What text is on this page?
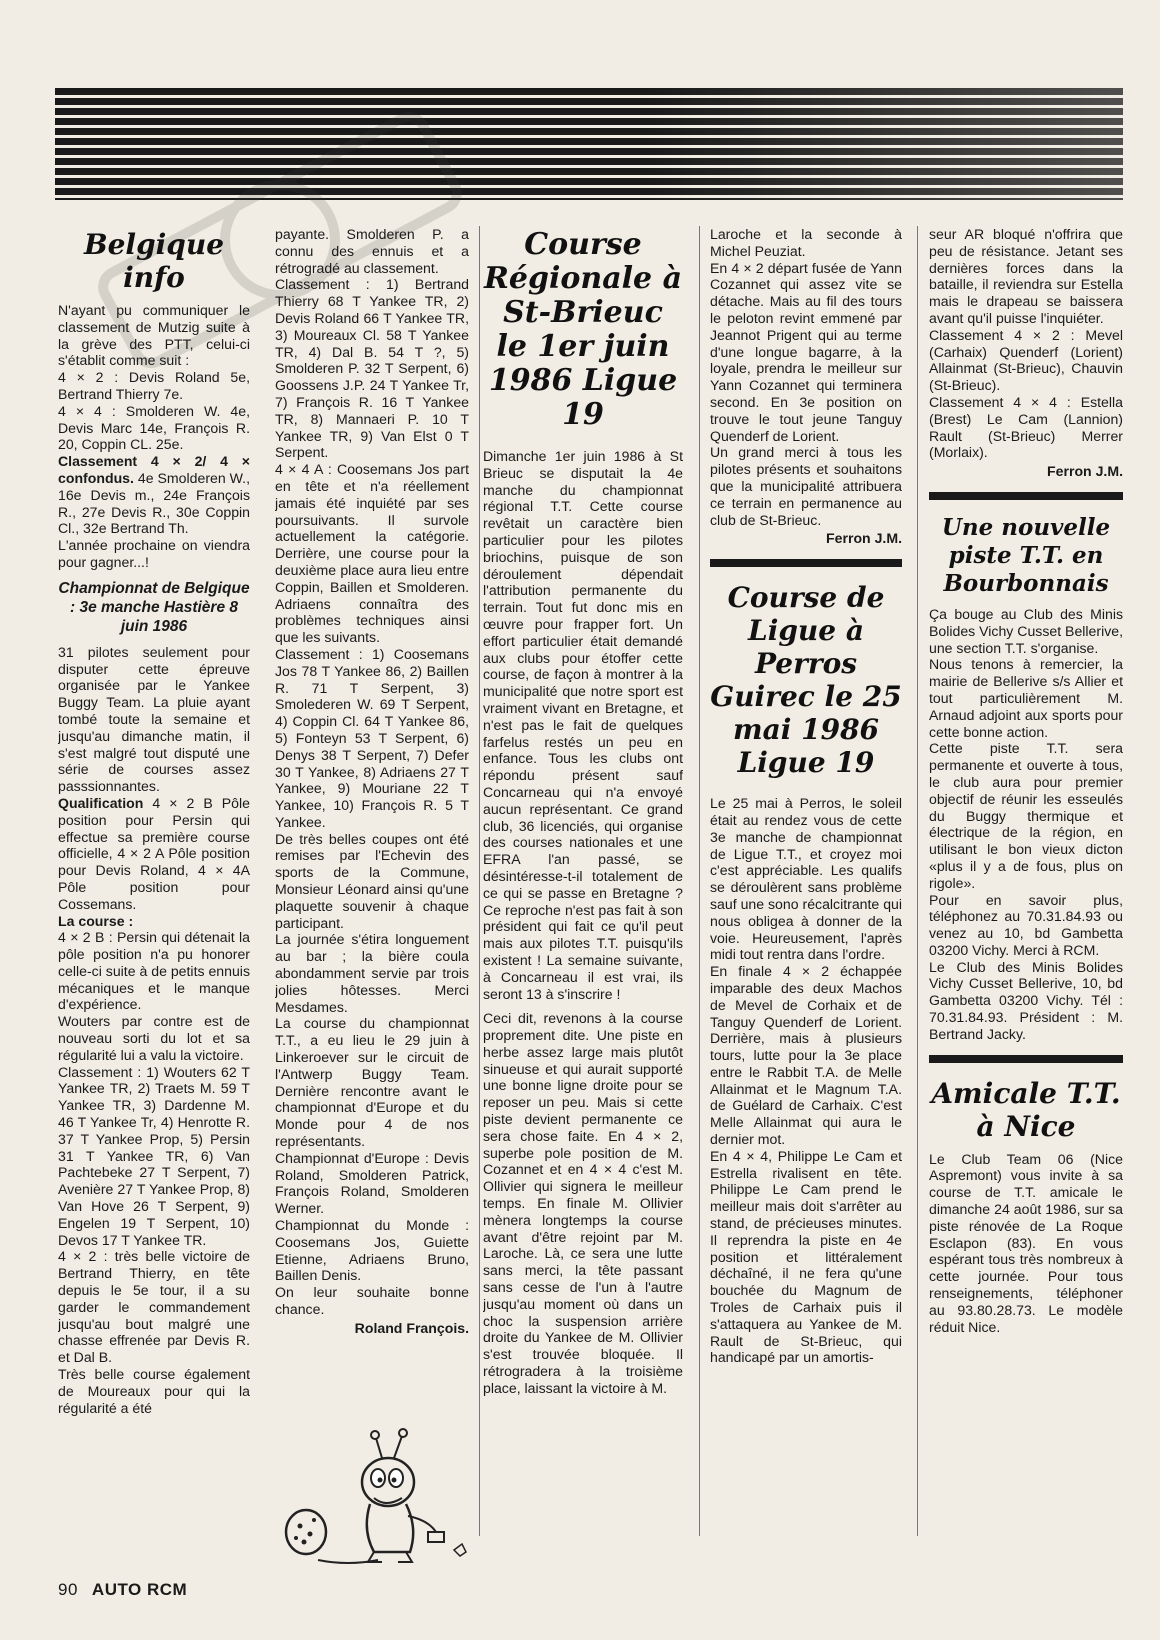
Belgique info

N'ayant pu communiquer le classement de Mutzig suite à la grève des PTT, celui-ci s'établit comme suit :

4 × 2 : Devis Roland 5e, Bertrand Thierry 7e.

4 × 4 : Smolderen W. 4e, Devis Marc 14e, François R. 20, Coppin CL. 25e.

Classement 4 × 2/ 4 × confondus. 4e Smolderen W., 16e Devis m., 24e François R., 27e Devis R., 30e Coppin Cl., 32e Bertrand Th.

L'année prochaine on viendra pour gagner...!

Championnat de Belgique : 3e manche Hastière 8 juin 1986

31 pilotes seulement pour disputer cette épreuve organisée par le Yankee Buggy Team. La pluie ayant tombé toute la semaine et jusqu'au dimanche matin, il s'est malgré tout disputé une série de courses assez passsionnantes.

Qualification 4 × 2 B Pôle position pour Persin qui effectue sa première course officielle, 4 × 2 A Pôle position pour Devis Roland, 4 × 4A Pôle position pour Cossemans.

La course :

4 × 2 B : Persin qui détenait la pôle position n'a pu honorer celle-ci suite à de petits ennuis mécaniques et le manque d'expérience.

Wouters par contre est de nouveau sorti du lot et sa régularité lui a valu la victoire.

Classement : 1) Wouters 62 T Yankee TR, 2) Traets M. 59 T Yankee TR, 3) Dardenne M. 46 T Yankee Tr, 4) Henrotte R. 37 T Yankee Prop, 5) Persin 31 T Yankee TR, 6) Van Pachtebeke 27 T Serpent, 7) Avenière 27 T Yankee Prop, 8) Van Hove 26 T Serpent, 9) Engelen 19 T Serpent, 10) Devos 17 T Yankee TR.

4 × 2 : très belle victoire de Bertrand Thierry, en tête depuis le 5e tour, il a su garder le commandement jusqu'au bout malgré une chasse effrenée par Devis R. et Dal B.

Très belle course également de Moureaux pour qui la régularité a été

payante. Smolderen P. a connu des ennuis et a rétrogradé au classement.

Classement : 1) Bertrand Thierry 68 T Yankee TR, 2) Devis Roland 66 T Yankee TR, 3) Moureaux Cl. 58 T Yankee TR, 4) Dal B. 54 T ?, 5) Smolderen P. 32 T Serpent, 6) Goossens J.P. 24 T Yankee Tr, 7) François R. 16 T Yankee TR, 8) Mannaeri P. 10 T Yankee TR, 9) Van Elst 0 T Serpent.

4 × 4 A : Coosemans Jos part en tête et n'a réellement jamais été inquiété par ses poursuivants. Il survole actuellement la catégorie. Derrière, une course pour la deuxième place aura lieu entre Coppin, Baillen et Smolderen. Adriaens connaîtra des problèmes techniques ainsi que les suivants.

Classement : 1) Coosemans Jos 78 T Yankee 86, 2) Baillen R. 71 T Serpent, 3) Smolederen W. 69 T Serpent, 4) Coppin Cl. 64 T Yankee 86, 5) Fonteyn 53 T Serpent, 6) Denys 38 T Serpent, 7) Defer 30 T Yankee, 8) Adriaens 27 T Yankee, 9) Mouriane 22 T Yankee, 10) François R. 5 T Yankee.

De très belles coupes ont été remises par l'Echevin des sports de la Commune, Monsieur Léonard ainsi qu'une plaquette souvenir à chaque participant.

La journée s'étira longuement au bar ; la bière coula abondamment servie par trois jolies hôtesses. Merci Mesdames.

La course du championnat T.T., a eu lieu le 29 juin à Linkeroever sur le circuit de l'Antwerp Buggy Team. Dernière rencontre avant le championnat d'Europe et du Monde pour 4 de nos représentants.

Championnat d'Europe : Devis Roland, Smolderen Patrick, François Roland, Smolderen Werner.

Championnat du Monde : Coosemans Jos, Guiette Etienne, Adriaens Bruno, Baillen Denis.

On leur souhaite bonne chance.

Roland François.
Course Régionale à St-Brieuc le 1er juin 1986 Ligue 19

Dimanche 1er juin 1986 à St Brieuc se disputait la 4e manche du championnat régional T.T. Cette course revêtait un caractère bien particulier pour les pilotes briochins, puisque de son déroulement dépendait l'attribution permanente du terrain. Tout fut donc mis en œuvre pour frapper fort. Un effort particulier était demandé aux clubs pour étoffer cette course, de façon à montrer à la municipalité que notre sport est vraiment vivant en Bretagne, et n'est pas le fait de quelques farfelus restés un peu en enfance. Tous les clubs ont répondu présent sauf Concarneau qui n'a envoyé aucun représentant. Ce grand club, 36 licenciés, qui organise des courses nationales et une EFRA l'an passé, se désintéresse-t-il totalement de ce qui se passe en Bretagne ? Ce reproche n'est pas fait à son président qui fait ce qu'il peut mais aux pilotes T.T. puisqu'ils existent ! La semaine suivante, à Concarneau il est vrai, ils seront 13 à s'inscrire !

Ceci dit, revenons à la course proprement dite. Une piste en herbe assez large mais plutôt sinueuse et qui aurait supporté une bonne ligne droite pour se reposer un peu. Mais si cette piste devient permanente ce sera chose faite. En 4 × 2, superbe pole position de M. Cozannet et en 4 × 4 c'est M. Ollivier qui signera le meilleur temps. En finale M. Ollivier mènera longtemps la course avant d'être rejoint par M. Laroche. Là, ce sera une lutte sans merci, la tête passant sans cesse de l'un à l'autre jusqu'au moment où dans un choc la suspension arrière droite du Yankee de M. Ollivier s'est trouvée bloquée. Il rétrogradera à la troisième place, laissant la victoire à M.

Laroche et la seconde à Michel Peuziat.

En 4 × 2 départ fusée de Yann Cozannet qui assez vite se détache. Mais au fil des tours le peloton revint emmené par Jeannot Prigent qui au terme d'une longue bagarre, à la loyale, prendra le meilleur sur Yann Cozannet qui terminera second. En 3e position on trouve le tout jeune Tanguy Quenderf de Lorient.

Un grand merci à tous les pilotes présents et souhaitons que la municipalité attribuera ce terrain en permanence au club de St-Brieuc.

Ferron J.M.
Course de Ligue à Perros Guirec le 25 mai 1986 Ligue 19

Le 25 mai à Perros, le soleil était au rendez vous de cette 3e manche de championnat de Ligue T.T., et croyez moi c'est appréciable. Les qualifs se déroulèrent sans problème sauf une sono récalcitrante qui nous obligea à donner de la voie. Heureusement, l'après midi tout rentra dans l'ordre.

En finale 4 × 2 échappée imparable des deux Machos de Mevel de Corhaix et de Tanguy Quenderf de Lorient. Derrière, mais à plusieurs tours, lutte pour la 3e place entre le Rabbit T.A. de Melle Allainmat et le Magnum T.A. de Guélard de Carhaix. C'est Melle Allainmat qui aura le dernier mot.

En 4 × 4, Philippe Le Cam et Estrella rivalisent en tête. Philippe Le Cam prend le meilleur mais doit s'arrêter au stand, de précieuses minutes. Il reprendra la piste en 4e position et littéralement déchaîné, il ne fera qu'une bouchée du Magnum de Troles de Carhaix puis il s'attaquera au Yankee de M. Rault de St-Brieuc, qui handicapé par un amortis-

seur AR bloqué n'offrira que peu de résistance. Jetant ses dernières forces dans la bataille, il reviendra sur Estella mais le drapeau se baissera avant qu'il puisse l'inquiéter.

Classement 4 × 2 : Mevel (Carhaix) Quenderf (Lorient) Allainmat (St-Brieuc), Chauvin (St-Brieuc).

Classement 4 × 4 : Estella (Brest) Le Cam (Lannion) Rault (St-Brieuc) Merrer (Morlaix).

Ferron J.M.
Une nouvelle piste T.T. en Bourbonnais

Ça bouge au Club des Minis Bolides Vichy Cusset Bellerive, une section T.T. s'organise.

Nous tenons à remercier, la mairie de Bellerive s/s Allier et tout particulièrement M. Arnaud adjoint aux sports pour cette bonne action.

Cette piste T.T. sera permanente et ouverte à tous, le club aura pour premier objectif de réunir les esseulés du Buggy thermique et électrique de la région, en utilisant le bon vieux dicton «plus il y a de fous, plus on rigole».

Pour en savoir plus, téléphonez au 70.31.84.93 ou venez au 10, bd Gambetta 03200 Vichy. Merci à RCM.

Le Club des Minis Bolides Vichy Cusset Bellerive, 10, bd Gambetta 03200 Vichy. Tél : 70.31.84.93. Président : M. Bertrand Jacky.

Amicale T.T. à Nice

Le Club Team 06 (Nice Aspremont) vous invite à sa course de T.T. amicale le dimanche 24 août 1986, sur sa piste rénovée de La Roque Esclapon (83). En vous espérant tous très nombreux à cette journée. Pour tous renseignements, téléphoner au 93.80.28.73. Le modèle réduit Nice.

90 AUTO RCM
